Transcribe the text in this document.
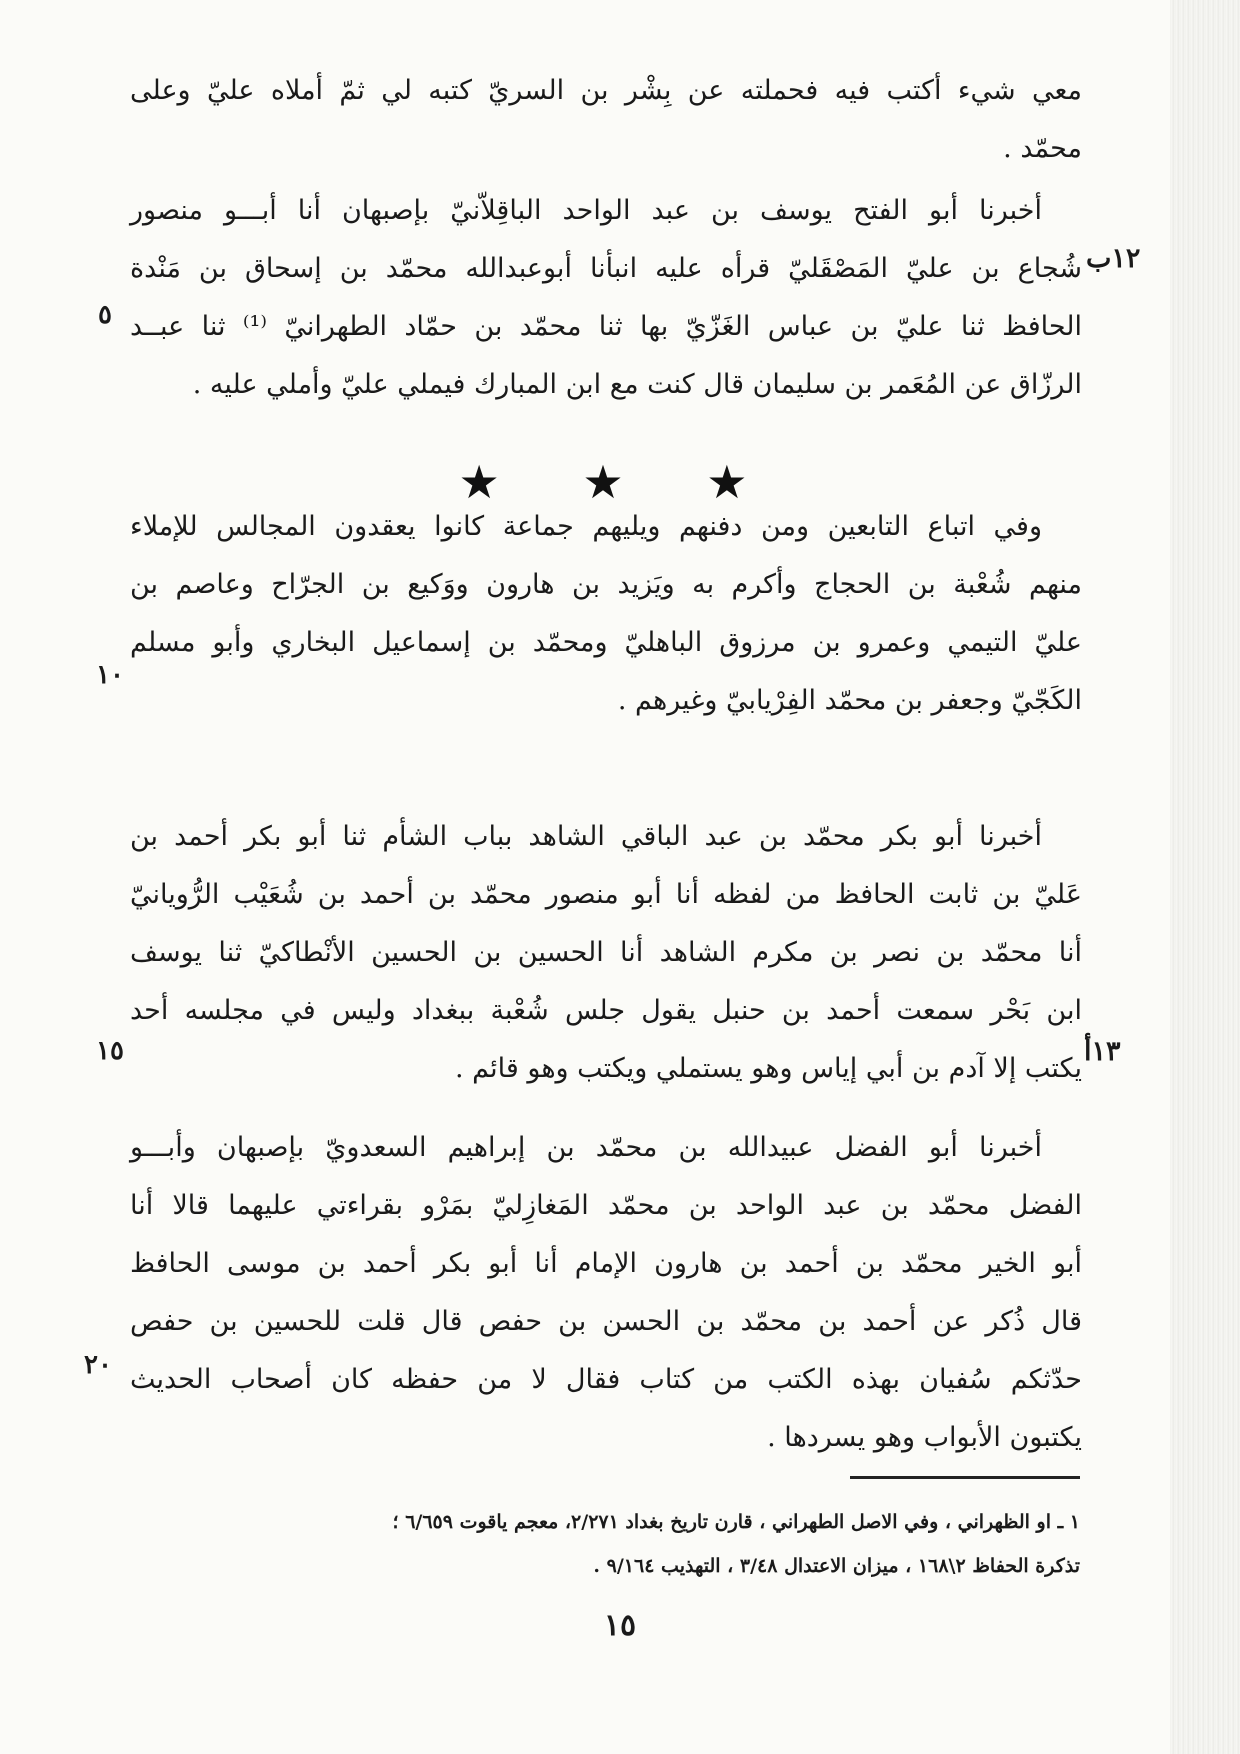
معي شيء أكتب فيه فحملته عن بِشْر بن السريّ كتبه لي ثمّ أملاه عليّ وعلى
محمّد .
أخبرنا أبو الفتح يوسف بن عبد الواحد الباقِلاّنيّ بإصبهان أنا أبـــو منصور
شُجاع بن عليّ المَصْقَليّ قرأه عليه انبأنا أبوعبدالله محمّد بن إسحاق بن مَنْدة
الحافظ ثنا عليّ بن عباس الغَزّيّ بها ثنا محمّد بن حمّاد الطهرانيّ ⁽¹⁾ ثنا عبــد
الرزّاق عن المُعَمر بن سليمان قال كنت مع ابن المبارك فيملي عليّ وأملي عليه .
١٢ب
٥
★ ★ ★
وفي اتباع التابعين ومن دفنهم ويليهم جماعة كانوا يعقدون المجالس للإملاء
منهم شُعْبة بن الحجاج وأكرم به ويَزيد بن هارون ووَكيع بن الجرّاح وعاصم بن
عليّ التيمي وعمرو بن مرزوق الباهليّ ومحمّد بن إسماعيل البخاري وأبو مسلم
الكَجّيّ وجعفر بن محمّد الفِرْيابيّ وغيرهم .
١٠
أخبرنا أبو بكر محمّد بن عبد الباقي الشاهد بباب الشأم ثنا أبو بكر أحمد بن
عَليّ بن ثابت الحافظ من لفظه أنا أبو منصور محمّد بن أحمد بن شُعَيْب الرُّويانيّ
أنا محمّد بن نصر بن مكرم الشاهد أنا الحسين بن الحسين الأنْطاكيّ ثنا يوسف
ابن بَحْر سمعت أحمد بن حنبل يقول جلس شُعْبة ببغداد وليس في مجلسه أحد
يكتب إلا آدم بن أبي إياس وهو يستملي ويكتب وهو قائم .
١٣أ
١٥
أخبرنا أبو الفضل عبيدالله بن محمّد بن إبراهيم السعدويّ بإصبهان وأبـــو
الفضل محمّد بن عبد الواحد بن محمّد المَغازِليّ بمَرْو بقراءتي عليهما قالا أنا
أبو الخير محمّد بن أحمد بن هارون الإمام أنا أبو بكر أحمد بن موسى الحافظ
قال ذُكر عن أحمد بن محمّد بن الحسن بن حفص قال قلت للحسين بن حفص
حدّثكم سُفيان بهذه الكتب من كتاب فقال لا من حفظه كان أصحاب الحديث
يكتبون الأبواب وهو يسردها .
٢٠
١ ـ او الظهراني ، وفي الاصل الطهراني ، قارن تاريخ بغداد ٢/٢٧١، معجم ياقوت ٦/٦٥٩ ؛
تذكرة الحفاظ ٢\١٦٨ ، ميزان الاعتدال ٣/٤٨ ، التهذيب ٩/١٦٤ .
١٥
